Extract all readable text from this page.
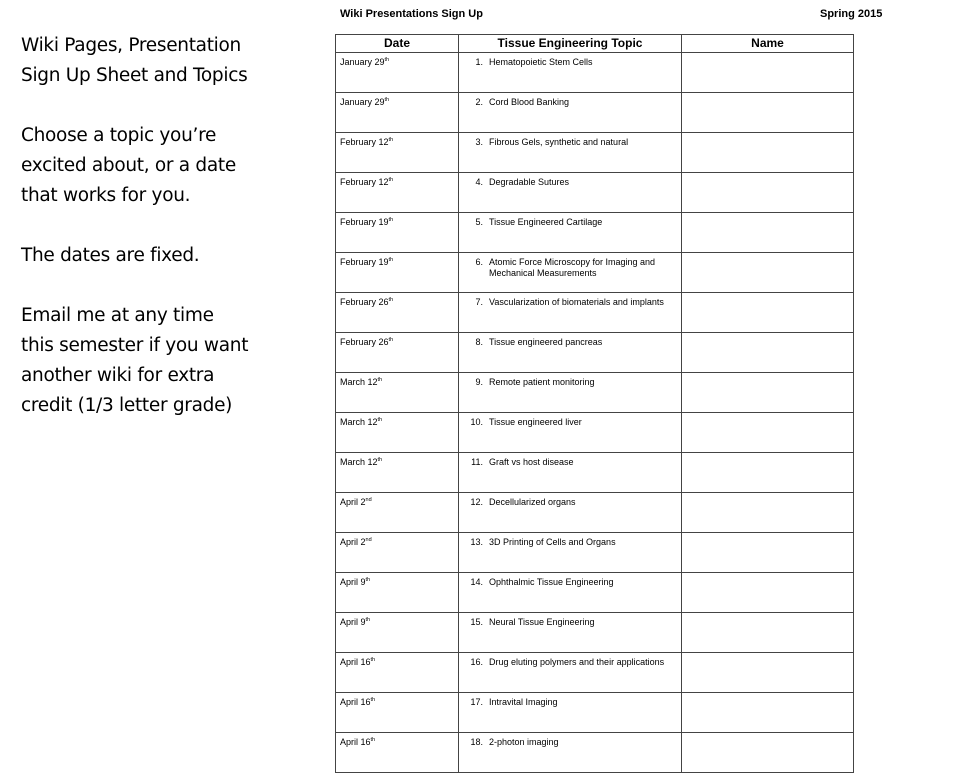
Wiki Pages, Presentation Sign Up Sheet and Topics

Choose a topic you’re excited about, or a date that works for you.

The dates are fixed.

Email me at any time this semester if you want another wiki for extra credit (1/3 letter grade)

Wiki Presentations Sign Up	Spring 2015
Date	Tissue Engineering Topic	Name
January 29th	1. Hematopoietic Stem Cells	

January 29th	2. Cord Blood Banking	

February 12th	3. Fibrous Gels, synthetic and natural	

February 12th	4. Degradable Sutures	

February 19th	5. Tissue Engineered Cartilage	

February 19th	6. Atomic Force Microscopy for Imaging and Mechanical Measurements	

February 26th	7. Vascularization of biomaterials and implants	

February 26th	8. Tissue engineered pancreas	

March 12th	9. Remote patient monitoring	

March 12th	10. Tissue engineered liver	

March 12th	11. Graft vs host disease	

April 2nd	12. Decellularized organs	

April 2nd	13. 3D Printing of Cells and Organs	

April 9th	14. Ophthalmic Tissue Engineering	

April 9th	15. Neural Tissue Engineering	

April 16th	16. Drug eluting polymers and their applications	

April 16th	17. Intravital Imaging	

April 16th	18. 2-photon imaging	
